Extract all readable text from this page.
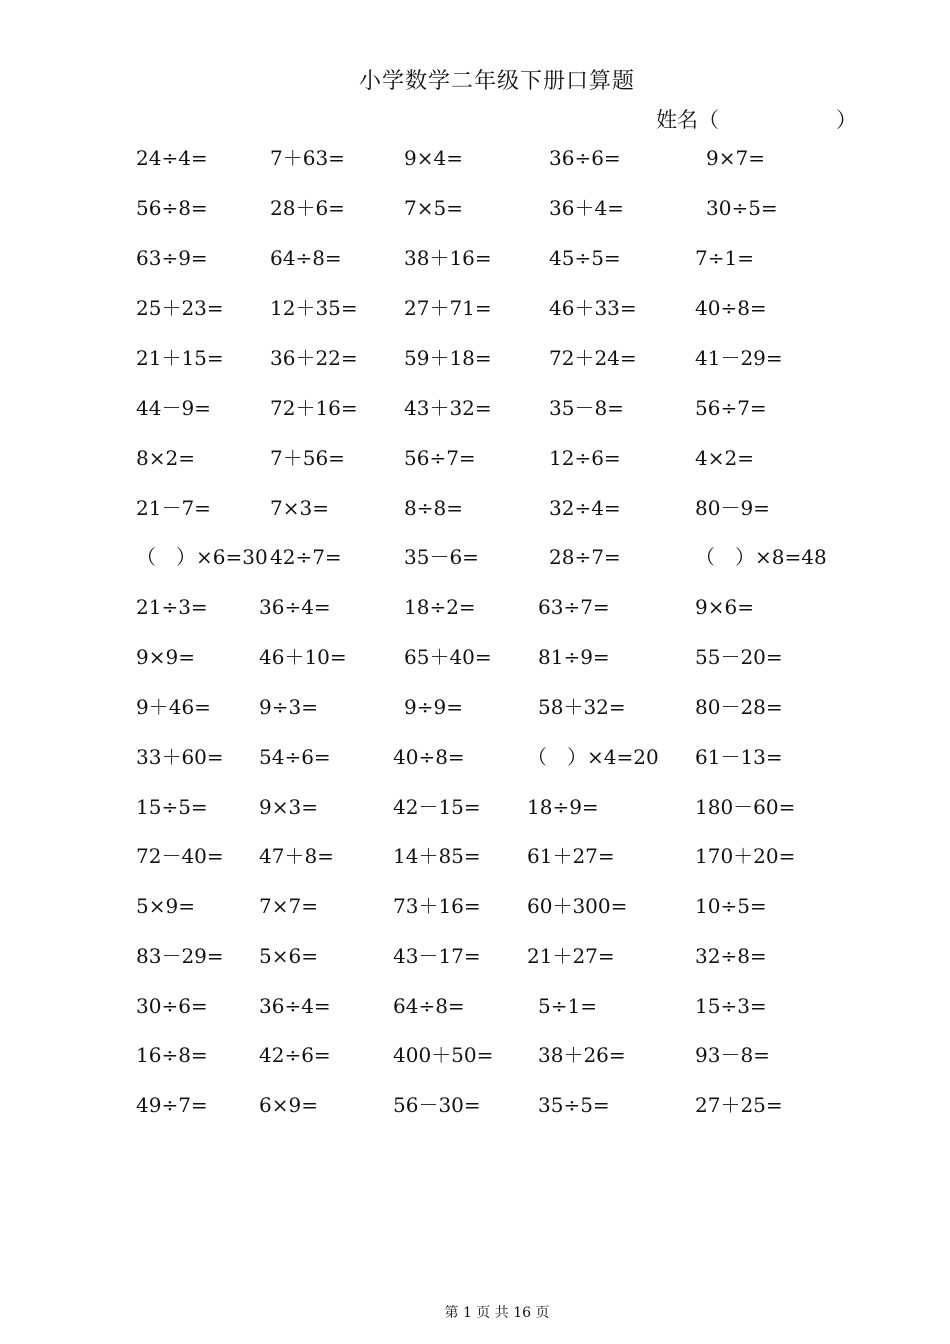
小学数学二年级下册口算题
姓名（	）
24÷4=	7＋63=	9×4=	36÷6=	9×7=
56÷8=	28＋6=	7×5=	36＋4=	30÷5=
63÷9=	64÷8=	38＋16=	45÷5=	7÷1=
25＋23= 12＋35= 27＋71=	46＋33=	40÷8=
21＋15= 36＋22= 59＋18=	72＋24=	41－29=
44－9=	72＋16= 43＋32=	35－8=	56÷7=
8×2=	7＋56=	56÷7=	12÷6=	4×2=
21－7=	7×3=	8÷8=	32÷4=	80－9=
（　）×6=30 42÷7=	35－6=	28÷7=	（　）×8=48
21÷3=	36÷4=	18÷2=	63÷7=	9×6=
9×9=	46＋10=	65＋40= 81÷9=	55－20=
9＋46= 9÷3=	9÷9=	58＋32=	80－28=
33＋60= 54÷6=	40÷8=	（　）×4=20 61－13=
15÷5=	9×3=	42－15= 18÷9=	180－60=
72－40= 47＋8=	14＋85= 61＋27=	170＋20=
5×9=	7×7=	73＋16= 60＋300=	10÷5=
83－29= 5×6=	43－17= 21＋27=	32÷8=
30÷6=	36÷4=	64÷8=	5÷1=	15÷3=
16÷8=	42÷6=	400＋50= 38＋26=	93－8=
49÷7=	6×9=	56－30=	35÷5=	27＋25=
第 1 页 共 16 页
